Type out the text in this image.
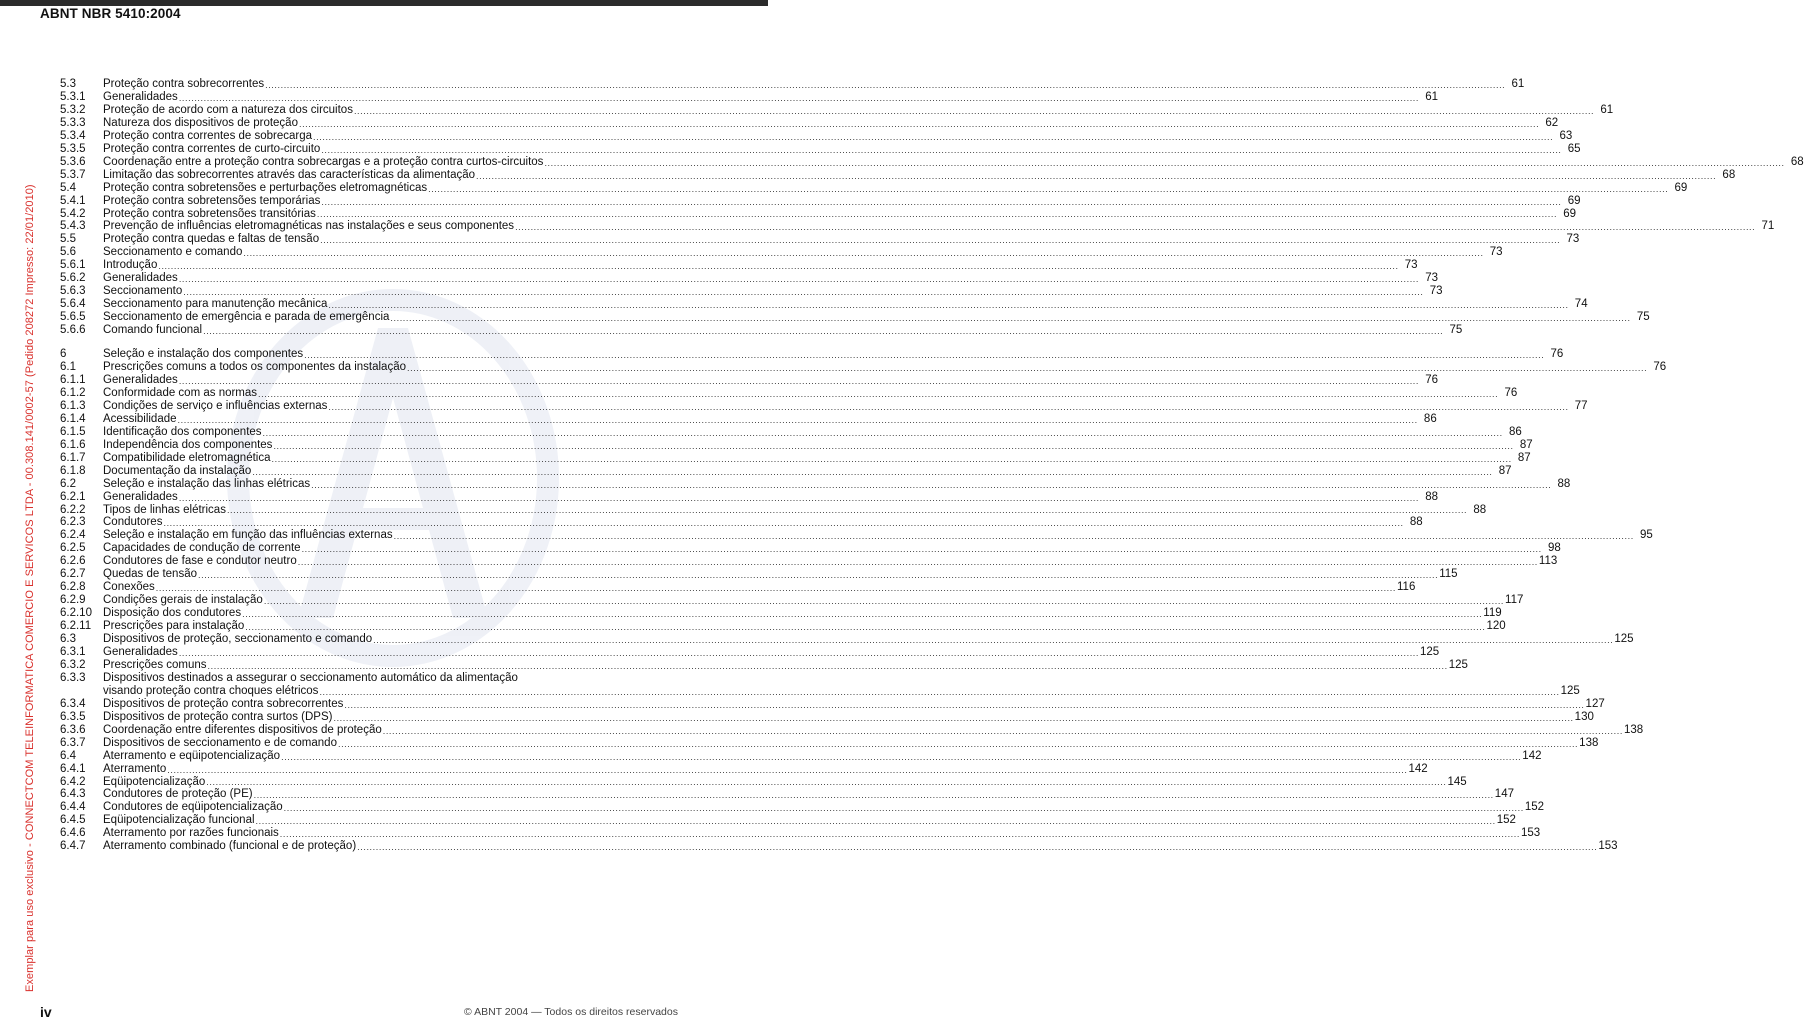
ABNT NBR 5410:2004
Exemplar para uso exclusivo - CONNECTCOM TELEINFORMATICA COMERCIO E SERVICOS LTDA - 00.308.141/0002-57 (Pedido 208272 Impresso: 22/01/2010)
5.3	Proteção contra sobrecorrentes ................................................................................................................................................................................................................................................................................................................................................................................................................ 61
5.3.1	Generalidades ................................................................................................................................................................................................................................................................................................................................................................................................................ 61
5.3.2	Proteção de acordo com a natureza dos circuitos ................................................................................................................................................................................................................................................................................................................................................................................................................ 61
5.3.3	Natureza dos dispositivos de proteção ................................................................................................................................................................................................................................................................................................................................................................................................................ 62
5.3.4	Proteção contra correntes de sobrecarga ................................................................................................................................................................................................................................................................................................................................................................................................................ 63
5.3.5	Proteção contra correntes de curto-circuito ................................................................................................................................................................................................................................................................................................................................................................................................................ 65
5.3.6	Coordenação entre a proteção contra sobrecargas e a proteção contra curtos-circuitos ................................................................................................................................................................................................................................................................................................................................................................................................................ 68
5.3.7	Limitação das sobrecorrentes através das características da alimentação ................................................................................................................................................................................................................................................................................................................................................................................................................ 68
5.4	Proteção contra sobretensões e perturbações eletromagnéticas ................................................................................................................................................................................................................................................................................................................................................................................................................ 69
5.4.1	Proteção contra sobretensões temporárias ................................................................................................................................................................................................................................................................................................................................................................................................................ 69
5.4.2	Proteção contra sobretensões transitórias ................................................................................................................................................................................................................................................................................................................................................................................................................ 69
5.4.3	Prevenção de influências eletromagnéticas nas instalações e seus componentes ................................................................................................................................................................................................................................................................................................................................................................................................................ 71
5.5	Proteção contra quedas e faltas de tensão ................................................................................................................................................................................................................................................................................................................................................................................................................ 73
5.6	Seccionamento e comando ................................................................................................................................................................................................................................................................................................................................................................................................................ 73
5.6.1	Introdução ................................................................................................................................................................................................................................................................................................................................................................................................................ 73
5.6.2	Generalidades ................................................................................................................................................................................................................................................................................................................................................................................................................ 73
5.6.3	Seccionamento ................................................................................................................................................................................................................................................................................................................................................................................................................ 73
5.6.4	Seccionamento para manutenção mecânica ................................................................................................................................................................................................................................................................................................................................................................................................................ 74
5.6.5	Seccionamento de emergência e parada de emergência ................................................................................................................................................................................................................................................................................................................................................................................................................ 75
5.6.6	Comando funcional ................................................................................................................................................................................................................................................................................................................................................................................................................ 75
6	Seleção e instalação dos componentes ................................................................................................................................................................................................................................................................................................................................................................................................................ 76
6.1	Prescrições comuns a todos os componentes da instalação ................................................................................................................................................................................................................................................................................................................................................................................................................ 76
6.1.1	Generalidades ................................................................................................................................................................................................................................................................................................................................................................................................................ 76
6.1.2	Conformidade com as normas ................................................................................................................................................................................................................................................................................................................................................................................................................ 76
6.1.3	Condições de serviço e influências externas ................................................................................................................................................................................................................................................................................................................................................................................................................ 77
6.1.4	Acessibilidade ................................................................................................................................................................................................................................................................................................................................................................................................................ 86
6.1.5	Identificação dos componentes ................................................................................................................................................................................................................................................................................................................................................................................................................ 86
6.1.6	Independência dos componentes ................................................................................................................................................................................................................................................................................................................................................................................................................ 87
6.1.7	Compatibilidade eletromagnética ................................................................................................................................................................................................................................................................................................................................................................................................................ 87
6.1.8	Documentação da instalação ................................................................................................................................................................................................................................................................................................................................................................................................................ 87
6.2	Seleção e instalação das linhas elétricas ................................................................................................................................................................................................................................................................................................................................................................................................................ 88
6.2.1	Generalidades ................................................................................................................................................................................................................................................................................................................................................................................................................ 88
6.2.2	Tipos de linhas elétricas ................................................................................................................................................................................................................................................................................................................................................................................................................ 88
6.2.3	Condutores ................................................................................................................................................................................................................................................................................................................................................................................................................ 88
6.2.4	Seleção e instalação em função das influências externas ................................................................................................................................................................................................................................................................................................................................................................................................................ 95
6.2.5	Capacidades de condução de corrente ................................................................................................................................................................................................................................................................................................................................................................................................................ 98
6.2.6	Condutores de fase e condutor neutro ................................................................................................................................................................................................................................................................................................................................................................................................................ 113
6.2.7	Quedas de tensão ................................................................................................................................................................................................................................................................................................................................................................................................................ 115
6.2.8	Conexões ................................................................................................................................................................................................................................................................................................................................................................................................................ 116
6.2.9	Condições gerais de instalação ................................................................................................................................................................................................................................................................................................................................................................................................................ 117
6.2.10 Disposição dos condutores ................................................................................................................................................................................................................................................................................................................................................................................................................ 119
6.2.11	Prescrições para instalação ................................................................................................................................................................................................................................................................................................................................................................................................................ 120
6.3	Dispositivos de proteção, seccionamento e comando ................................................................................................................................................................................................................................................................................................................................................................................................................ 125
6.3.1	Generalidades ................................................................................................................................................................................................................................................................................................................................................................................................................ 125
6.3.2	Prescrições comuns ................................................................................................................................................................................................................................................................................................................................................................................................................ 125
6.3.3	Dispositivos destinados a assegurar o seccionamento automático da alimentação
visando proteção contra choques elétricos ................................................................................................................................................................................................................................................................................................................................................................................................................ 125
6.3.4	Dispositivos de proteção contra sobrecorrentes ................................................................................................................................................................................................................................................................................................................................................................................................................ 127
6.3.5	Dispositivos de proteção contra surtos (DPS) ................................................................................................................................................................................................................................................................................................................................................................................................................ 130
6.3.6	Coordenação entre diferentes dispositivos de proteção ................................................................................................................................................................................................................................................................................................................................................................................................................ 138
6.3.7	Dispositivos de seccionamento e de comando ................................................................................................................................................................................................................................................................................................................................................................................................................ 138
6.4	Aterramento e eqüipotencialização ................................................................................................................................................................................................................................................................................................................................................................................................................ 142
6.4.1	Aterramento ................................................................................................................................................................................................................................................................................................................................................................................................................ 142
6.4.2	Eqüipotencialização ................................................................................................................................................................................................................................................................................................................................................................................................................ 145
6.4.3	Condutores de proteção (PE) ................................................................................................................................................................................................................................................................................................................................................................................................................ 147
6.4.4	Condutores de eqüipotencialização ................................................................................................................................................................................................................................................................................................................................................................................................................ 152
6.4.5	Eqüipotencialização funcional ................................................................................................................................................................................................................................................................................................................................................................................................................ 152
6.4.6	Aterramento por razões funcionais ................................................................................................................................................................................................................................................................................................................................................................................................................ 153
6.4.7	Aterramento combinado (funcional e de proteção) ................................................................................................................................................................................................................................................................................................................................................................................................................ 153
iv	© ABNT 2004 — Todos os direitos reservados
